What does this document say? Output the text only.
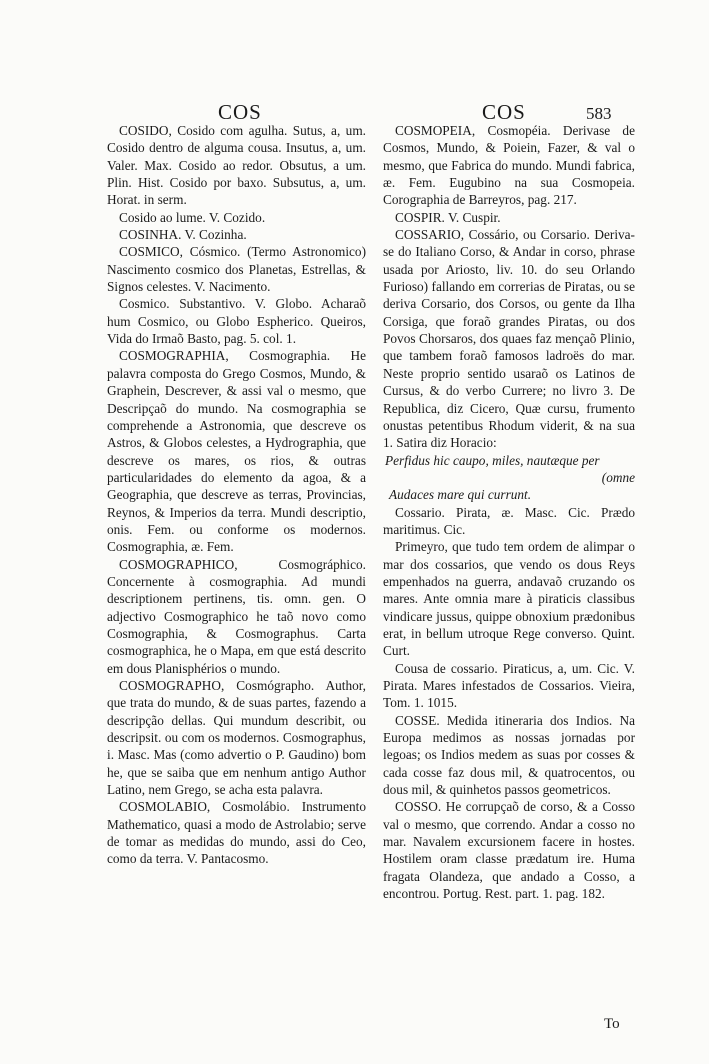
COS	COS	583

COSIDO, Cosido com agulha. Sutus, a, um. Cosido dentro de alguma cousa. Insutus, a, um. Valer. Max. Cosido ao redor. Obsutus, a um. Plin. Hist. Cosido por baxo. Subsutus, a, um. Horat. in serm.

Cosido ao lume. V. Cozido.

COSINHA. V. Cozinha.

COSMICO, Cósmico. (Termo Astronomico) Nascimento cosmico dos Planetas, Estrellas, & Signos celestes. V. Nacimento.

Cosmico. Substantivo. V. Globo. Acharaõ hum Cosmico, ou Globo Espherico. Queiros, Vida do Irmaõ Basto, pag. 5. col. 1.

COSMOGRAPHIA, Cosmographia. He palavra composta do Grego Cosmos, Mundo, & Graphein, Descrever, & assi val o mesmo, que Descripçaõ do mundo. Na cosmographia se comprehende a Astronomia, que descreve os Astros, & Globos celestes, a Hydrographia, que descreve os mares, os rios, & outras particularidades do elemento da agoa, & a Geographia, que descreve as terras, Provincias, Reynos, & Imperios da terra. Mundi descriptio, onis. Fem. ou conforme os modernos. Cosmographia, æ. Fem.

COSMOGRAPHICO, Cosmográphico. Concernente à cosmographia. Ad mundi descriptionem pertinens, tis. omn. gen. O adjectivo Cosmographico he taõ novo como Cosmographia, & Cosmographus. Carta cosmographica, he o Mapa, em que está descrito em dous Planisphérios o mundo.

COSMOGRAPHO, Cosmógrapho. Author, que trata do mundo, & de suas partes, fazendo a descripção dellas. Qui mundum describit, ou descripsit. ou com os modernos. Cosmographus, i. Masc. Mas (como advertio o P. Gaudino) bom he, que se saiba que em nenhum antigo Author Latino, nem Grego, se acha esta palavra.

COSMOLABIO, Cosmolábio. Instrumento Mathematico, quasi a modo de Astrolabio; serve de tomar as medidas do mundo, assi do Ceo, como da terra. V. Pantacosmo.

COSMOPEIA, Cosmopéia. Derivase de Cosmos, Mundo, & Poiein, Fazer, & val o mesmo, que Fabrica do mundo. Mundi fabrica, æ. Fem. Eugubino na sua Cosmopeia. Corographia de Barreyros, pag. 217.

COSPIR. V. Cuspir.

COSSARIO, Cossário, ou Corsario. Deriva-se do Italiano Corso, & Andar in corso, phrase usada por Ariosto, liv. 10. do seu Orlando Furioso) fallando em correrias de Piratas, ou se deriva Corsario, dos Corsos, ou gente da Ilha Corsiga, que foraõ grandes Piratas, ou dos Povos Chorsaros, dos quaes faz mençaõ Plinio, que tambem foraõ famosos ladroës do mar. Neste proprio sentido usaraõ os Latinos de Cursus, & do verbo Currere; no livro 3. De Republica, diz Cicero, Quæ cursu, frumento onustas petentibus Rhodum viderit, & na sua 1. Satira diz Horacio:

Perfidus hic caupo, miles, nautæque per

(omne

Audaces mare qui currunt.

Cossario. Pirata, æ. Masc. Cic. Prædo maritimus. Cic.

Primeyro, que tudo tem ordem de alimpar o mar dos cossarios, que vendo os dous Reys empenhados na guerra, andavaõ cruzando os mares. Ante omnia mare à piraticis classibus vindicare jussus, quippe obnoxium prædonibus erat, in bellum utroque Rege converso. Quint. Curt.

Cousa de cossario. Piraticus, a, um. Cic. V. Pirata. Mares infestados de Cossarios. Vieira, Tom. 1. 1015.

COSSE. Medida itineraria dos Indios. Na Europa medimos as nossas jornadas por legoas; os Indios medem as suas por cosses & cada cosse faz dous mil, & quatrocentos, ou dous mil, & quinhetos passos geometricos.

COSSO. He corrupçaõ de corso, & a Cosso val o mesmo, que correndo. Andar a cosso no mar. Navalem excursionem facere in hostes. Hostilem oram classe prædatum ire. Huma fragata Olandeza, que andado a Cosso, a encontrou. Portug. Rest. part. 1. pag. 182.

To
